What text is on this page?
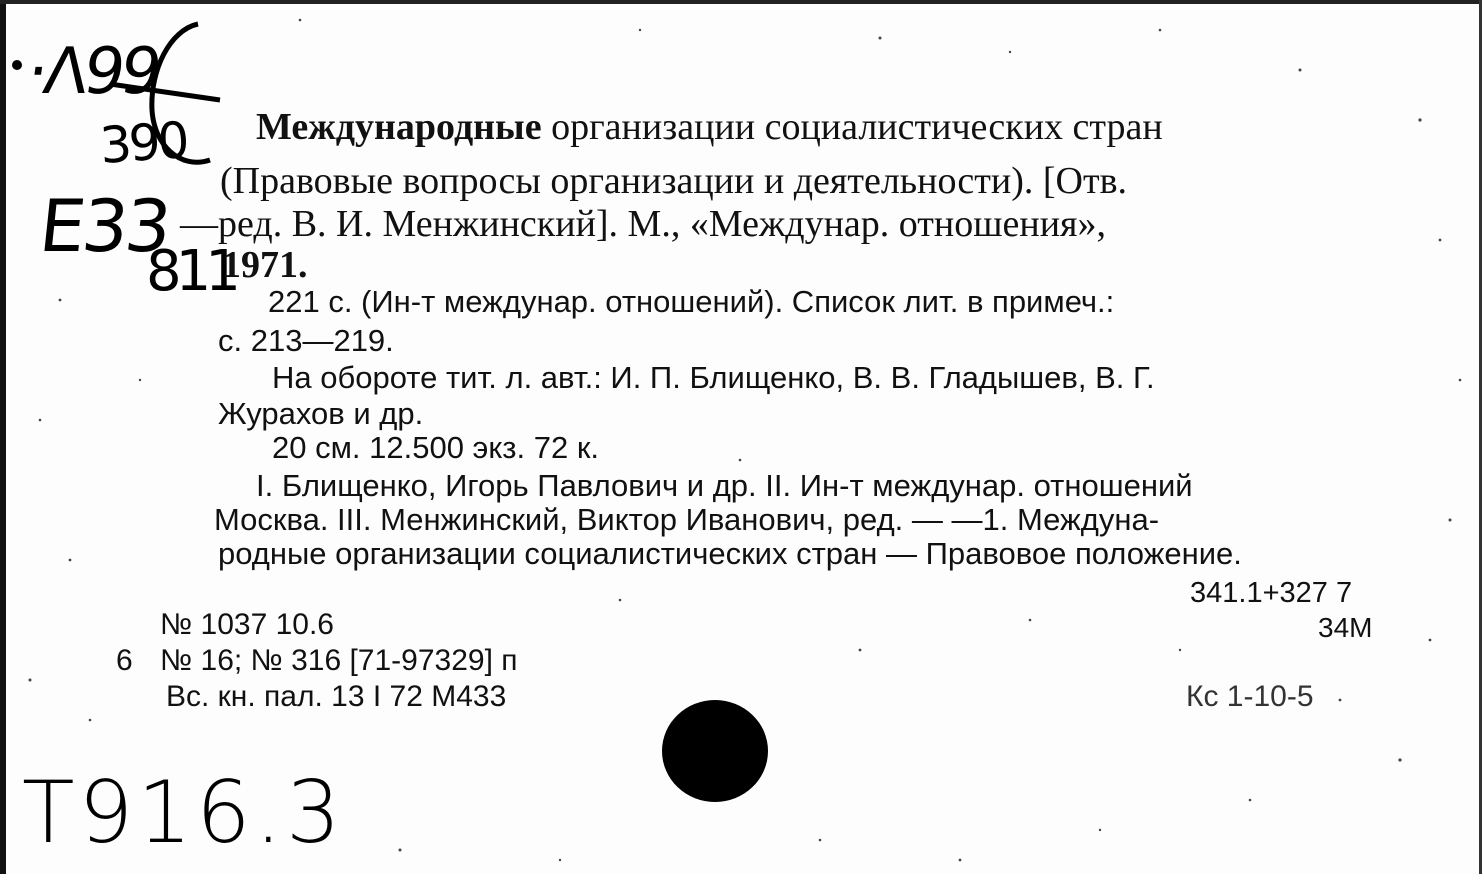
·Λ99
390
E33
811
Международные организации социалистических стран
(Правовые вопросы организации и деятельности). [Отв.
—ред. В. И. Менжинский]. М., «Междунар. отношения»,
1971.
221 с. (Ин-т междунар. отношений). Список лит. в примеч.:
с. 213—219.
На обороте тит. л. авт.: И. П. Блищенко, В. В. Гладышев, В. Г.
Журахов и др.
20 см. 12.500 экз. 72 к.
I. Блищенко, Игорь Павлович и др. II. Ин-т междунар. отношений
Москва. III. Менжинский, Виктор Иванович, ред. — —1. Междуна-
родные организации социалистических стран — Правовое положение.
341.1+327 7
№ 1037 10.6	34М
6 № 16; № 316 [71-97329] п
Вс. кн. пал. 13 I 72 М433	Кс 1-10-5
T916.3
